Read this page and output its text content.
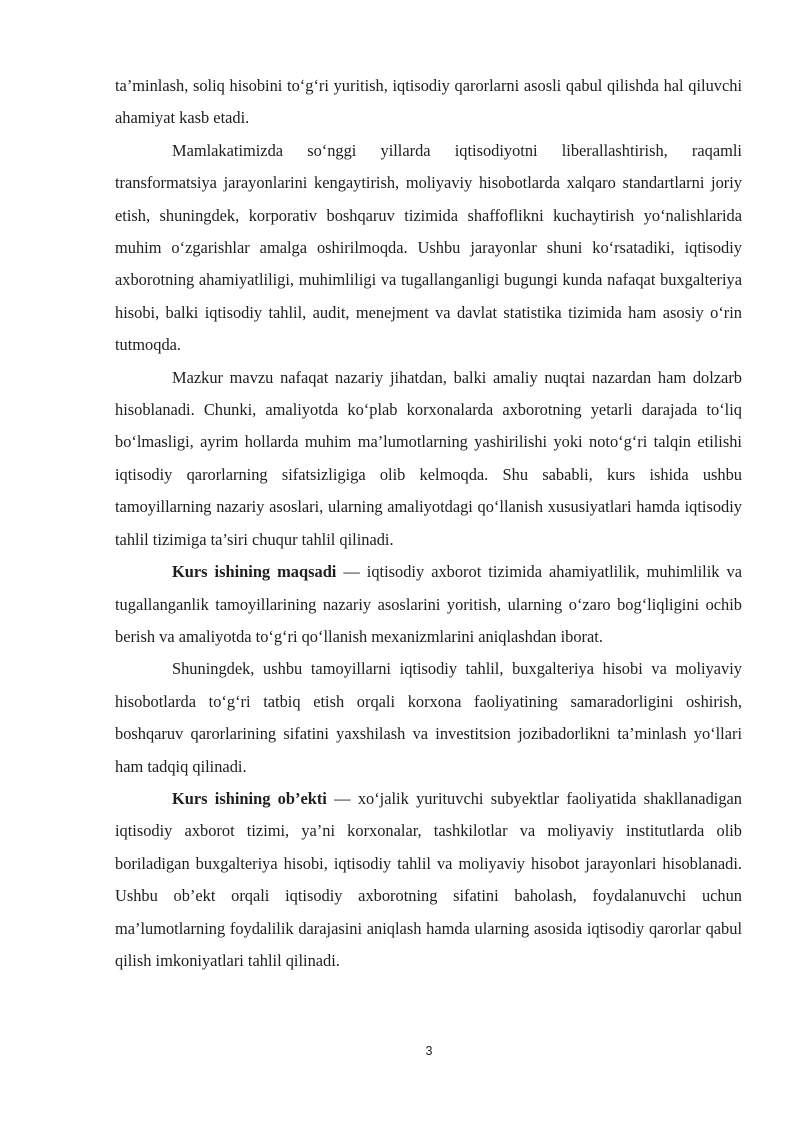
ta’minlash, soliq hisobini to‘g‘ri yuritish, iqtisodiy qarorlarni asosli qabul qilishda hal qiluvchi ahamiyat kasb etadi.

Mamlakatimizda so‘nggi yillarda iqtisodiyotni liberallashtirish, raqamli transformatsiya jarayonlarini kengaytirish, moliyaviy hisobotlarda xalqaro standartlarni joriy etish, shuningdek, korporativ boshqaruv tizimida shaffoflikni kuchaytirish yo‘nalishlarida muhim o‘zgarishlar amalga oshirilmoqda. Ushbu jarayonlar shuni ko‘rsatadiki, iqtisodiy axborotning ahamiyatliligi, muhimliligi va tugallanganligi bugungi kunda nafaqat buxgalteriya hisobi, balki iqtisodiy tahlil, audit, menejment va davlat statistika tizimida ham asosiy o‘rin tutmoqda.

Mazkur mavzu nafaqat nazariy jihatdan, balki amaliy nuqtai nazardan ham dolzarb hisoblanadi. Chunki, amaliyotda ko‘plab korxonalarda axborotning yetarli darajada to‘liq bo‘lmasligi, ayrim hollarda muhim ma’lumotlarning yashirilishi yoki noto‘g‘ri talqin etilishi iqtisodiy qarorlarning sifatsizligiga olib kelmoqda. Shu sababli, kurs ishida ushbu tamoyillarning nazariy asoslari, ularning amaliyotdagi qo‘llanish xususiyatlari hamda iqtisodiy tahlil tizimiga ta’siri chuqur tahlil qilinadi.

Kurs ishining maqsadi — iqtisodiy axborot tizimida ahamiyatlilik, muhimlilik va tugallanganlik tamoyillarining nazariy asoslarini yoritish, ularning o‘zaro bog‘liqligini ochib berish va amaliyotda to‘g‘ri qo‘llanish mexanizmlarini aniqlashdan iborat.

Shuningdek, ushbu tamoyillarni iqtisodiy tahlil, buxgalteriya hisobi va moliyaviy hisobotlarda to‘g‘ri tatbiq etish orqali korxona faoliyatining samaradorligini oshirish, boshqaruv qarorlarining sifatini yaxshilash va investitsion jozibadorlikni ta’minlash yo‘llari ham tadqiq qilinadi.

Kurs ishining ob’ekti — xo‘jalik yurituvchi subyektlar faoliyatida shakllanadigan iqtisodiy axborot tizimi, ya’ni korxonalar, tashkilotlar va moliyaviy institutlarda olib boriladigan buxgalteriya hisobi, iqtisodiy tahlil va moliyaviy hisobot jarayonlari hisoblanadi. Ushbu ob’ekt orqali iqtisodiy axborotning sifatini baholash, foydalanuvchi uchun ma’lumotlarning foydalilik darajasini aniqlash hamda ularning asosida iqtisodiy qarorlar qabul qilish imkoniyatlari tahlil qilinadi.

3
